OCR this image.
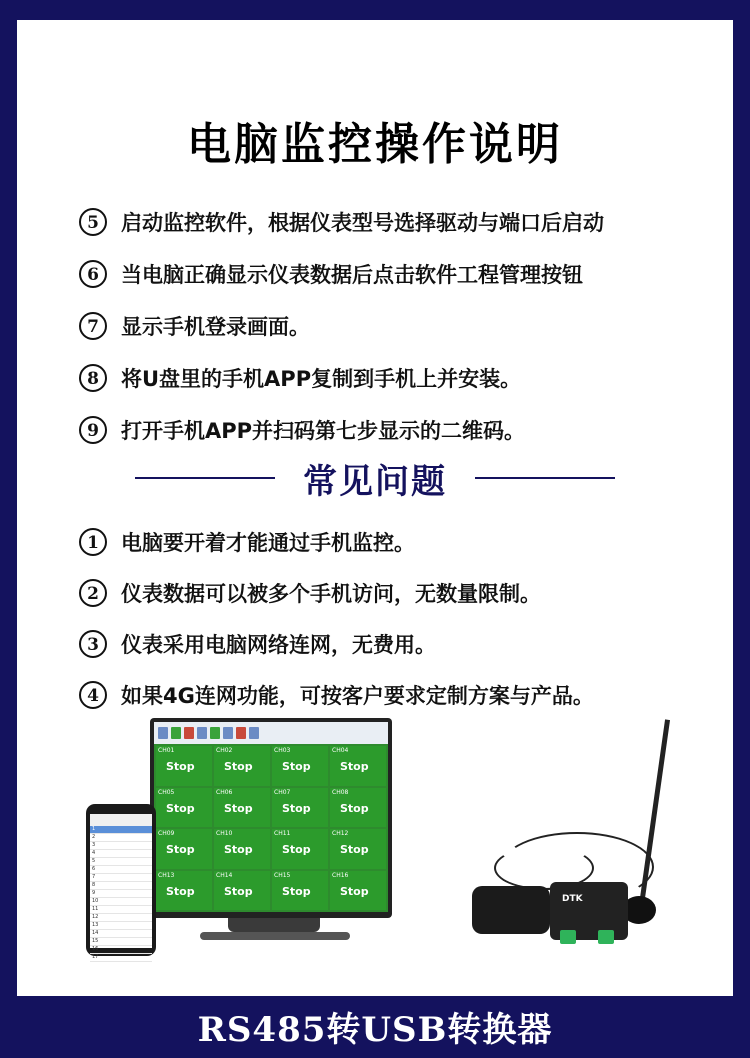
电脑监控操作说明
5	启动监控软件，根据仪表型号选择驱动与端口后启动
6	当电脑正确显示仪表数据后点击软件工程管理按钮
7	显示手机登录画面。
8	将U盘里的手机APP复制到手机上并安装。
9	打开手机APP并扫码第七步显示的二维码。
常见问题
1	电脑要开着才能通过手机监控。
2	仪表数据可以被多个手机访问，无数量限制。
3	仪表采用电脑网络连网，无费用。
4	如果4G连网功能，可按客户要求定制方案与产品。
CH01
Stop
CH02
Stop
CH03
Stop
CH04
Stop
CH05
Stop
CH06
Stop
CH07
Stop
CH08
Stop
CH09
Stop
CH10
Stop
CH11
Stop
CH12
Stop
CH13
Stop
CH14
Stop
CH15
Stop
CH16
Stop
1
2
3
4
5
6
7
8
9
10
11
12
13
14
15
16
17
DTK
RS485转USB转换器
